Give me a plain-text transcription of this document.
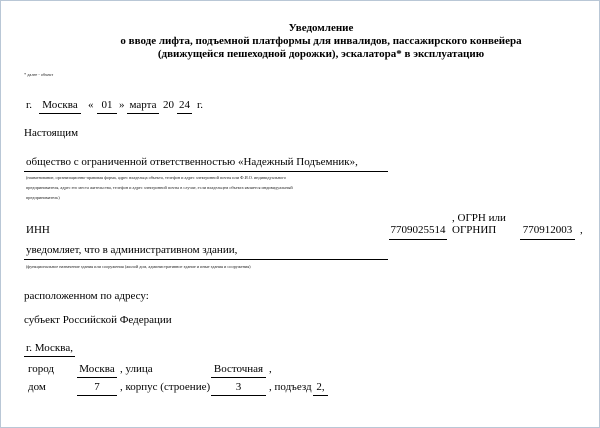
Уведомление
о вводе лифта, подъемной платформы для инвалидов, пассажирского конвейера
(движущейся пешеходной дорожки), эскалатора* в эксплуатацию
* далее - объект
г. Москва « 01 » марта 20 24 г.
Настоящим
общество с ограниченной ответственностью «Надежный Подъемник»,
(наименование, организационно-правовая форма, адрес владельца объекта, телефон и адрес электронной почты или Ф.И.О. индивидуального
предпринимателя, адрес его места жительства, телефон и адрес электронной почты в случае, если владельцем объекта является индивидуальный
предприниматель)
ИНН	7709025514
, ОГРН или
ОГРНИП 770912003 ,
уведомляет, что в административном здании,
(функциональное назначение здания или сооружения (жилой дом, административное здание и иные здания и сооружения)
расположенном по адресу:
субъект Российской Федерации
г. Москва,
город Москва , улица	Восточная ,
дом	7	, корпус (строение)	3	, подъезд 2,
